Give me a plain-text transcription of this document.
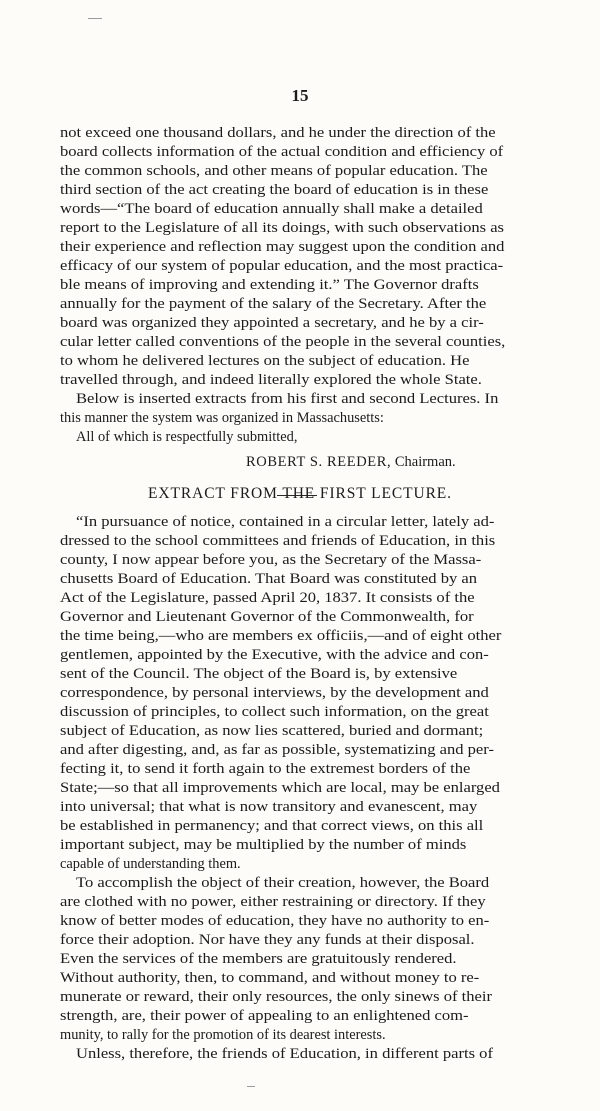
15
not exceed one thousand dollars, and he under the direction of the
board collects information of the actual condition and efficiency of
the common schools, and other means of popular education. The
third section of the act creating the board of education is in these
words—“The board of education annually shall make a detailed
report to the Legislature of all its doings, with such observations as
their experience and reflection may suggest upon the condition and
efficacy of our system of popular education, and the most practica-
ble means of improving and extending it.” The Governor drafts
annually for the payment of the salary of the Secretary. After the
board was organized they appointed a secretary, and he by a cir-
cular letter called conventions of the people in the several counties,
to whom he delivered lectures on the subject of education. He
travelled through, and indeed literally explored the whole State.
Below is inserted extracts from his first and second Lectures. In
this manner the system was organized in Massachusetts:
All of which is respectfully submitted,
ROBERT S. REEDER, Chairman.
EXTRACT FROM THE FIRST LECTURE.
“In pursuance of notice, contained in a circular letter, lately ad-
dressed to the school committees and friends of Education, in this
county, I now appear before you, as the Secretary of the Massa-
chusetts Board of Education. That Board was constituted by an
Act of the Legislature, passed April 20, 1837. It consists of the
Governor and Lieutenant Governor of the Commonwealth, for
the time being,—who are members ex officiis,—and of eight other
gentlemen, appointed by the Executive, with the advice and con-
sent of the Council. The object of the Board is, by extensive
correspondence, by personal interviews, by the development and
discussion of principles, to collect such information, on the great
subject of Education, as now lies scattered, buried and dormant;
and after digesting, and, as far as possible, systematizing and per-
fecting it, to send it forth again to the extremest borders of the
State;—so that all improvements which are local, may be enlarged
into universal; that what is now transitory and evanescent, may
be established in permanency; and that correct views, on this all
important subject, may be multiplied by the number of minds
capable of understanding them.
To accomplish the object of their creation, however, the Board
are clothed with no power, either restraining or directory. If they
know of better modes of education, they have no authority to en-
force their adoption. Nor have they any funds at their disposal.
Even the services of the members are gratuitously rendered.
Without authority, then, to command, and without money to re-
munerate or reward, their only resources, the only sinews of their
strength, are, their power of appealing to an enlightened com-
munity, to rally for the promotion of its dearest interests.
Unless, therefore, the friends of Education, in different parts of
